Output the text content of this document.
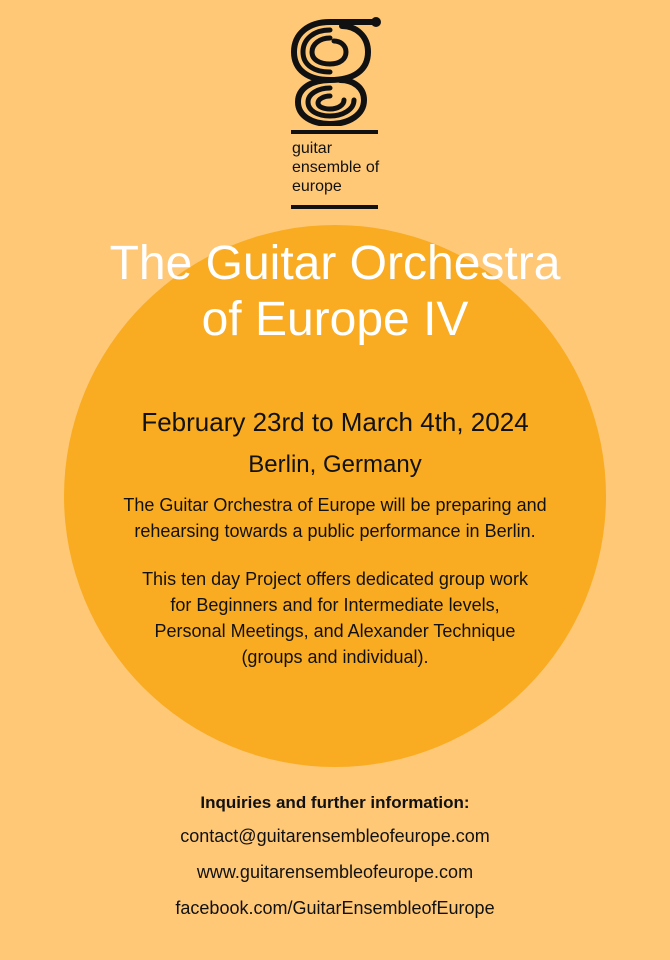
guitar
ensemble of
europe
The Guitar Orchestra
of Europe IV
February 23rd to March 4th, 2024
Berlin, Germany

The Guitar Orchestra of Europe will be preparing and
rehearsing towards a public performance in Berlin.

This ten day Project offers dedicated group work
for Beginners and for Intermediate levels,
Personal Meetings, and Alexander Technique
(groups and individual).

Inquiries and further information:
contact@guitarensembleofeurope.com
www.guitarensembleofeurope.com
facebook.com/GuitarEnsembleofEurope
